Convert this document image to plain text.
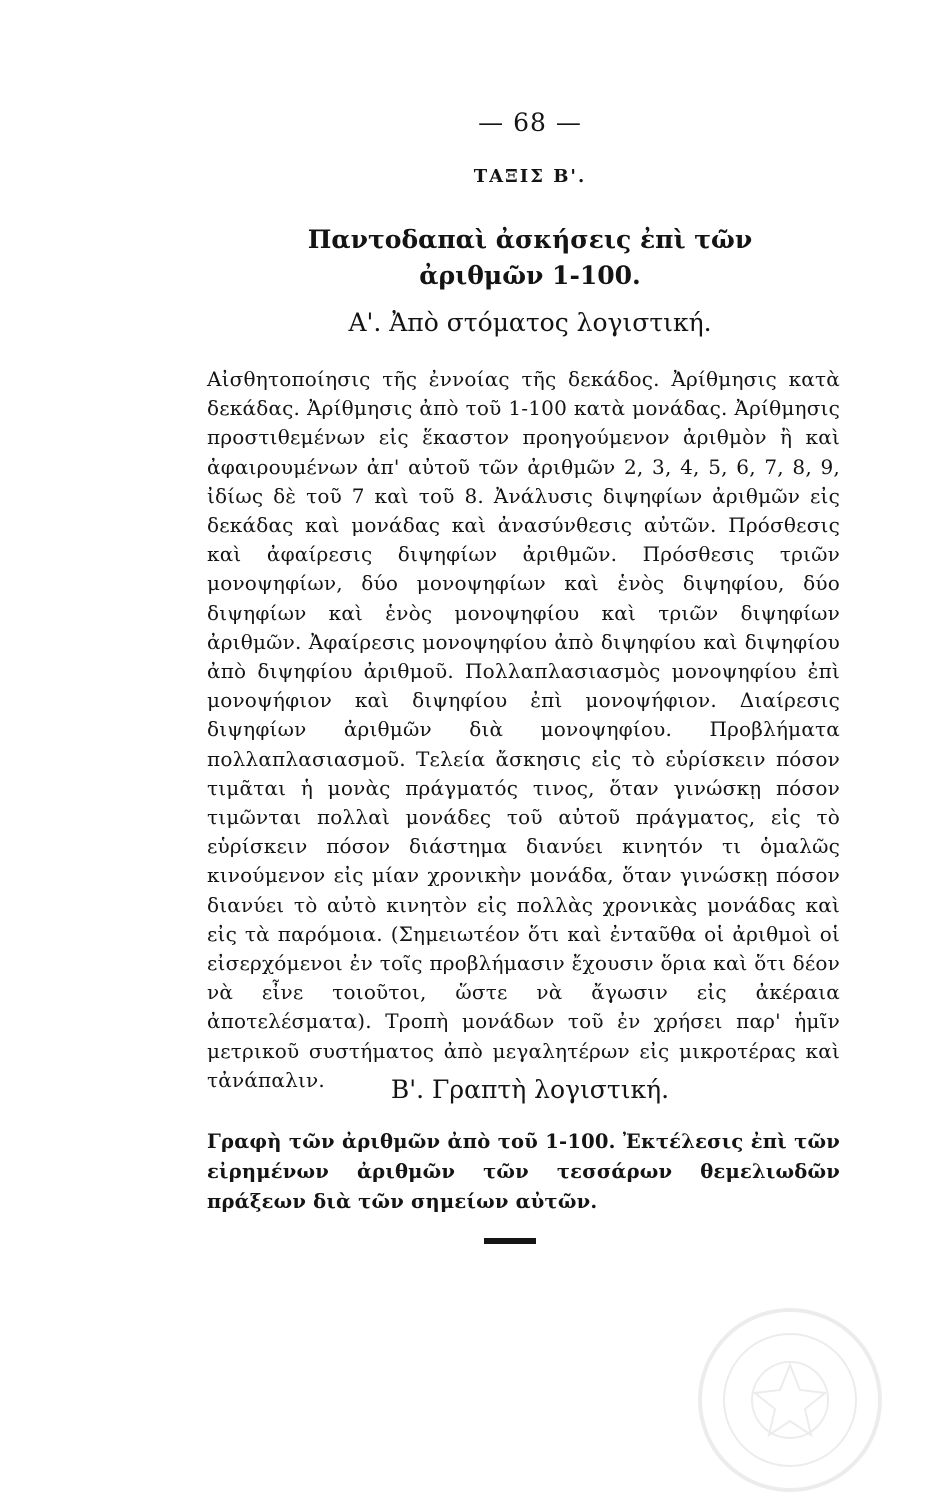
— 68 —
ΤΑΞΙΣ Β'.
Παντοδαπαὶ ἀσκήσεις ἐπὶ τῶν
ἀριθμῶν 1-100.
Α'. Ἀπὸ στόματος λογιστική.
Αἰσθητοποίησις τῆς ἐννοίας τῆς δεκάδος. Ἀρίθμησις κατὰ δεκάδας. Ἀρίθμησις ἀπὸ τοῦ 1-100 κατὰ μονάδας. Ἀρίθμησις προστιθεμένων εἰς ἕκαστον προηγούμενον ἀριθμὸν ἢ καὶ ἀφαιρουμένων ἀπ' αὐτοῦ τῶν ἀριθμῶν 2, 3, 4, 5, 6, 7, 8, 9, ἰδίως δὲ τοῦ 7 καὶ τοῦ 8. Ἀνάλυσις διψηφίων ἀριθμῶν εἰς δεκάδας καὶ μονάδας καὶ ἀνασύνθεσις αὐτῶν. Πρόσθεσις καὶ ἀφαίρεσις διψηφίων ἀριθμῶν. Πρόσθεσις τριῶν μονοψηφίων, δύο μονοψηφίων καὶ ἑνὸς διψηφίου, δύο διψηφίων καὶ ἑνὸς μονοψηφίου καὶ τριῶν διψηφίων ἀριθμῶν. Ἀφαίρεσις μονοψηφίου ἀπὸ διψηφίου καὶ διψηφίου ἀπὸ διψηφίου ἀριθμοῦ. Πολλαπλασιασμὸς μονοψηφίου ἐπὶ μονοψήφιον καὶ διψηφίου ἐπὶ μονοψήφιον. Διαίρεσις διψηφίων ἀριθμῶν διὰ μονοψηφίου. Προβλήματα πολλαπλασιασμοῦ. Τελεία ἄσκησις εἰς τὸ εὑρίσκειν πόσον τιμᾶται ἡ μονὰς πράγματός τινος, ὅταν γινώσκῃ πόσον τιμῶνται πολλαὶ μονάδες τοῦ αὐτοῦ πράγματος, εἰς τὸ εὑρίσκειν πόσον διάστημα διανύει κινητόν τι ὁμαλῶς κινούμενον εἰς μίαν χρονικὴν μονάδα, ὅταν γινώσκῃ πόσον διανύει τὸ αὐτὸ κινητὸν εἰς πολλὰς χρονικὰς μονάδας καὶ εἰς τὰ παρόμοια. (Σημειωτέον ὅτι καὶ ἐνταῦθα οἱ ἀριθμοὶ οἱ εἰσερχόμενοι ἐν τοῖς προβλήμασιν ἔχουσιν ὅρια καὶ ὅτι δέον νὰ εἶνε τοιοῦτοι, ὥστε νὰ ἄγωσιν εἰς ἀκέραια ἀποτελέσματα). Τροπὴ μονάδων τοῦ ἐν χρήσει παρ' ἡμῖν μετρικοῦ συστήματος ἀπὸ μεγαλητέρων εἰς μικροτέρας καὶ τἀνάπαλιν.	Β'. Γραπτὴ λογιστική.
Γραφὴ τῶν ἀριθμῶν ἀπὸ τοῦ 1-100. Ἐκτέλεσις ἐπὶ τῶν εἰρημένων ἀριθμῶν τῶν τεσσάρων θεμελιωδῶν πράξεων διὰ τῶν σημείων αὐτῶν.
